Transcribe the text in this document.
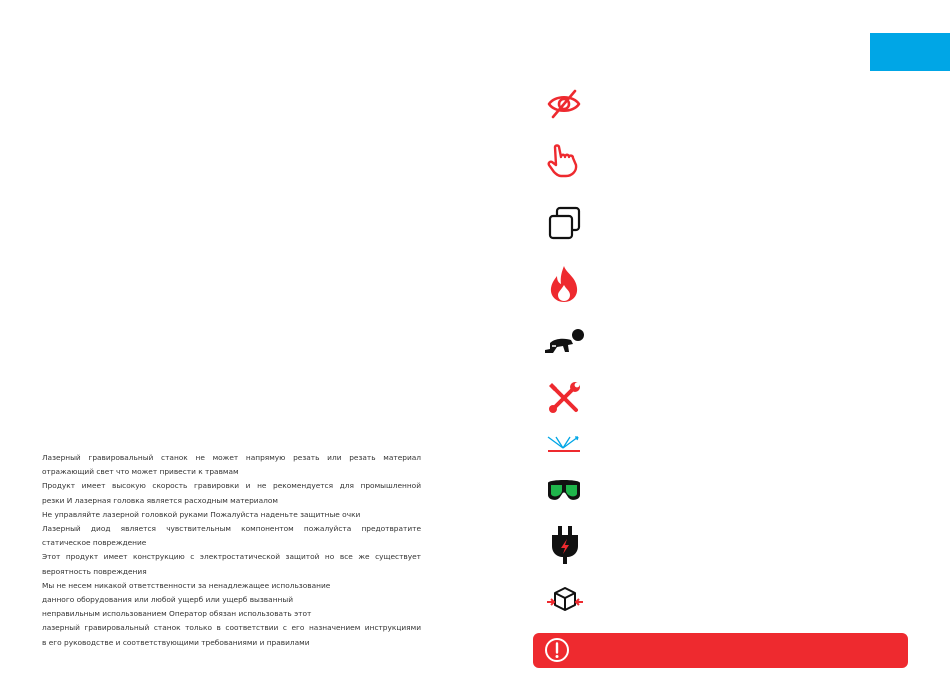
Лазерный гравировальный станок не может напрямую резать или резать материал
отражающий свет что может привести к травмам
Продукт имеет высокую скорость гравировки и не рекомендуется для промышленной
резки И лазерная головка является расходным материалом
Не управляйте лазерной головкой руками Пожалуйста наденьте защитные очки
Лазерный диод является чувствительным компонентом пожалуйста предотвратите
статическое повреждение
Этот продукт имеет конструкцию с электростатической защитой но все же существует
вероятность повреждения
Мы не несем никакой ответственности за ненадлежащее использование
данного оборудования или любой ущерб или ущерб вызванный
неправильным использованием Оператор обязан использовать этот
лазерный гравировальный станок только в соответствии с его назначением инструкциями
в его руководстве и соответствующими требованиями и правилами
